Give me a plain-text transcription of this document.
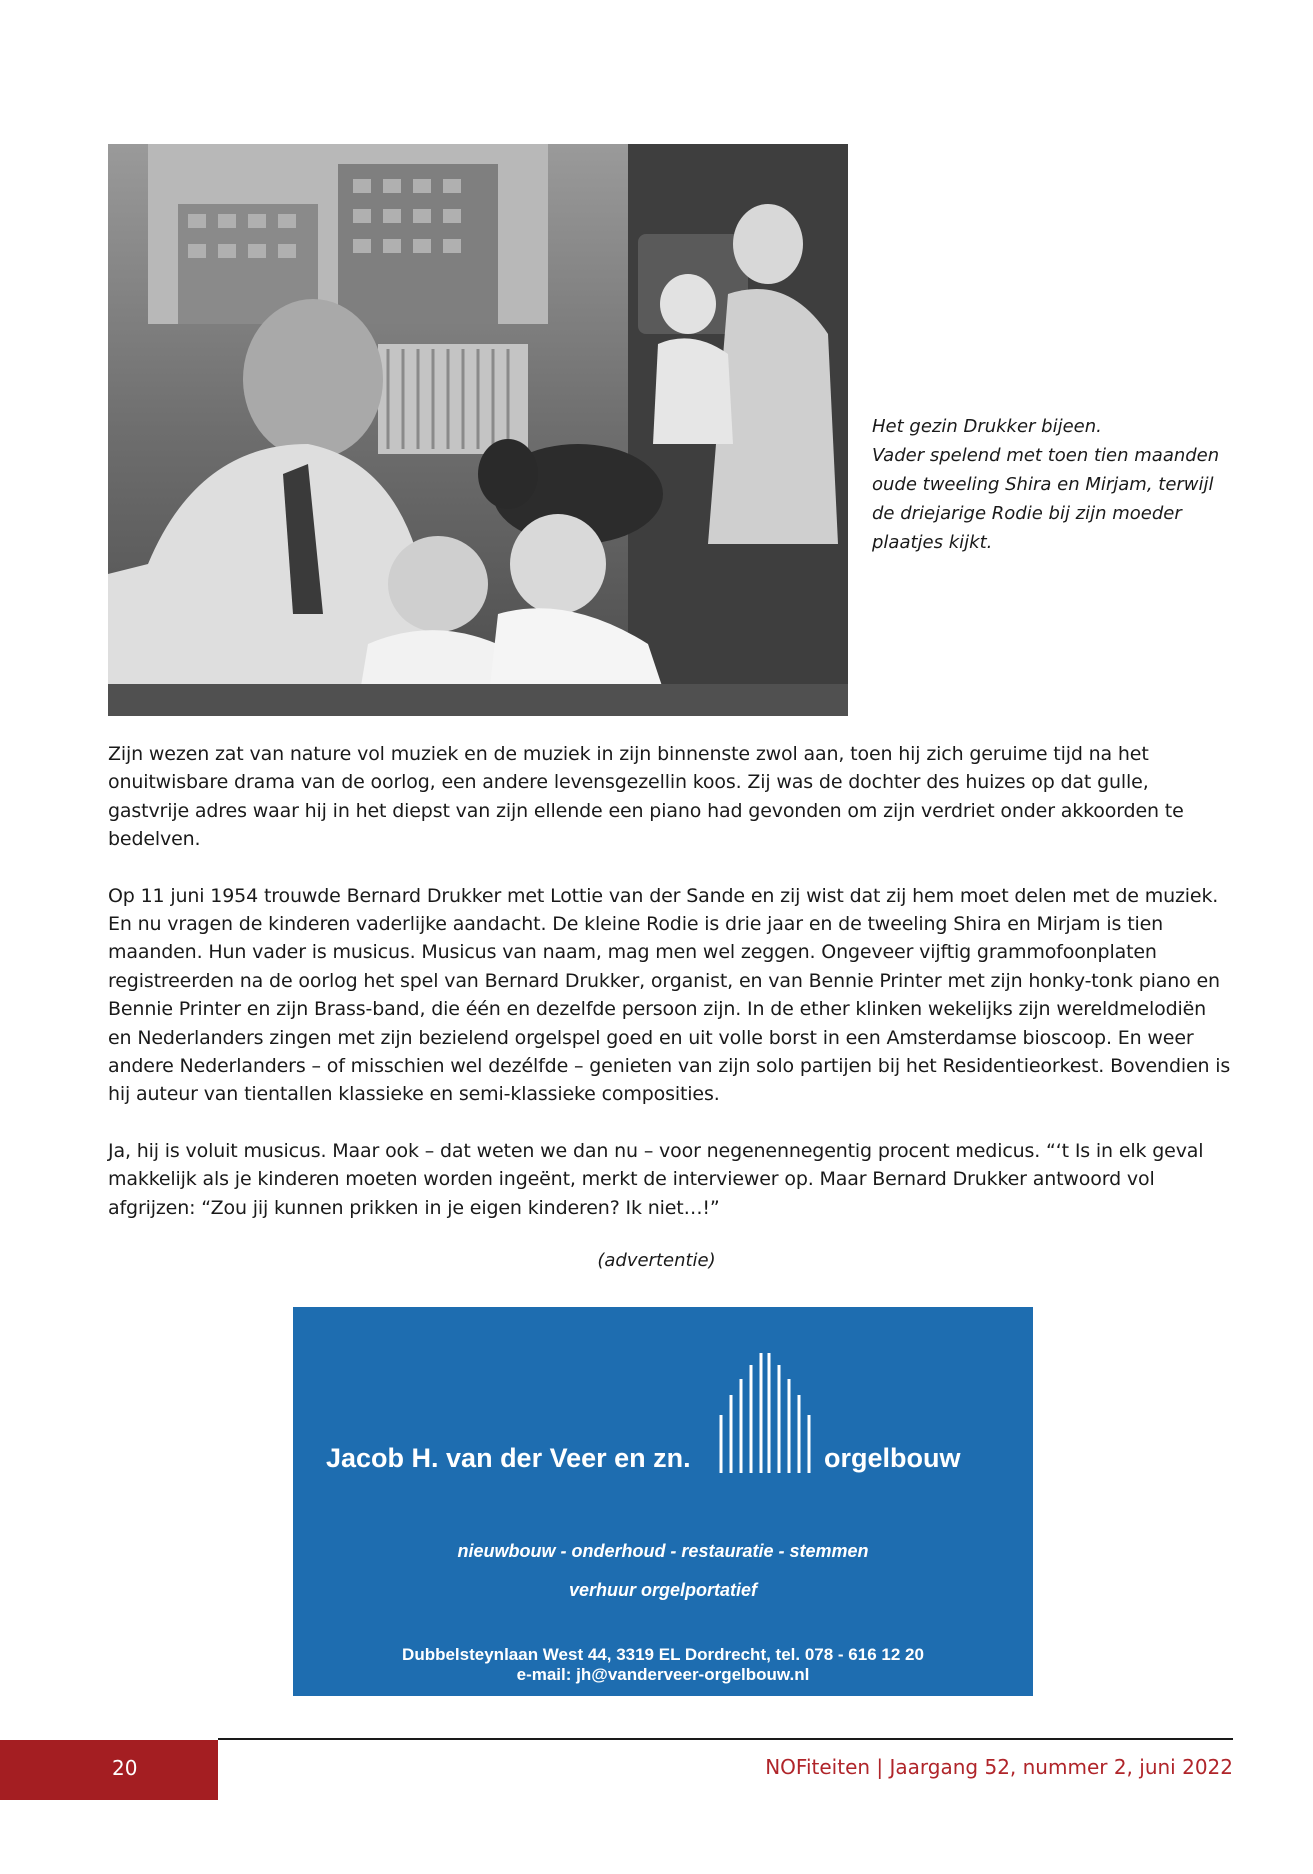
Het gezin Drukker bijeen.
Vader spelend met toen tien maanden
oude tweeling Shira en Mirjam, terwijl
de driejarige Rodie bij zijn moeder
plaatjes kijkt.

Zijn wezen zat van nature vol muziek en de muziek in zijn binnenste zwol aan, toen hij zich geruime tijd na het onuitwisbare drama van de oorlog, een andere levensgezellin koos. Zij was de dochter des huizes op dat gulle, gastvrije adres waar hij in het diepst van zijn ellende een piano had gevonden om zijn verdriet onder akkoorden te bedelven.

Op 11 juni 1954 trouwde Bernard Drukker met Lottie van der Sande en zij wist dat zij hem moet delen met de muziek. En nu vragen de kinderen vaderlijke aandacht. De kleine Rodie is drie jaar en de tweeling Shira en Mirjam is tien maanden. Hun vader is musicus. Musicus van naam, mag men wel zeggen. Ongeveer vijftig grammofoonplaten registreerden na de oorlog het spel van Bernard Drukker, organist, en van Bennie Printer met zijn honky-tonk piano en Bennie Printer en zijn Brass-band, die één en dezelfde persoon zijn. In de ether klinken wekelijks zijn wereldmelodiën en Nederlanders zingen met zijn bezielend orgelspel goed en uit volle borst in een Amsterdamse bioscoop. En weer andere Nederlanders – of misschien wel dezélfde – genieten van zijn solo partijen bij het Residentieorkest. Bovendien is hij auteur van tientallen klassieke en semi-klassieke composities.

Ja, hij is voluit musicus. Maar ook – dat weten we dan nu – voor negenennegentig procent medicus. “‘t Is in elk geval makkelijk als je kinderen moeten worden ingeënt, merkt de interviewer op. Maar Bernard Drukker antwoord vol afgrijzen: “Zou jij kunnen prikken in je eigen kinderen? Ik niet…!”

(advertentie)
Jacob H. van der Veer en zn.	orgelbouw
nieuwbouw - onderhoud - restauratie - stemmen
verhuur orgelportatief
Dubbelsteynlaan West 44, 3319 EL Dordrecht, tel. 078 - 616 12 20
e-mail: jh@vanderveer-orgelbouw.nl
20	NOFiteiten | Jaargang 52, nummer 2, juni 2022
